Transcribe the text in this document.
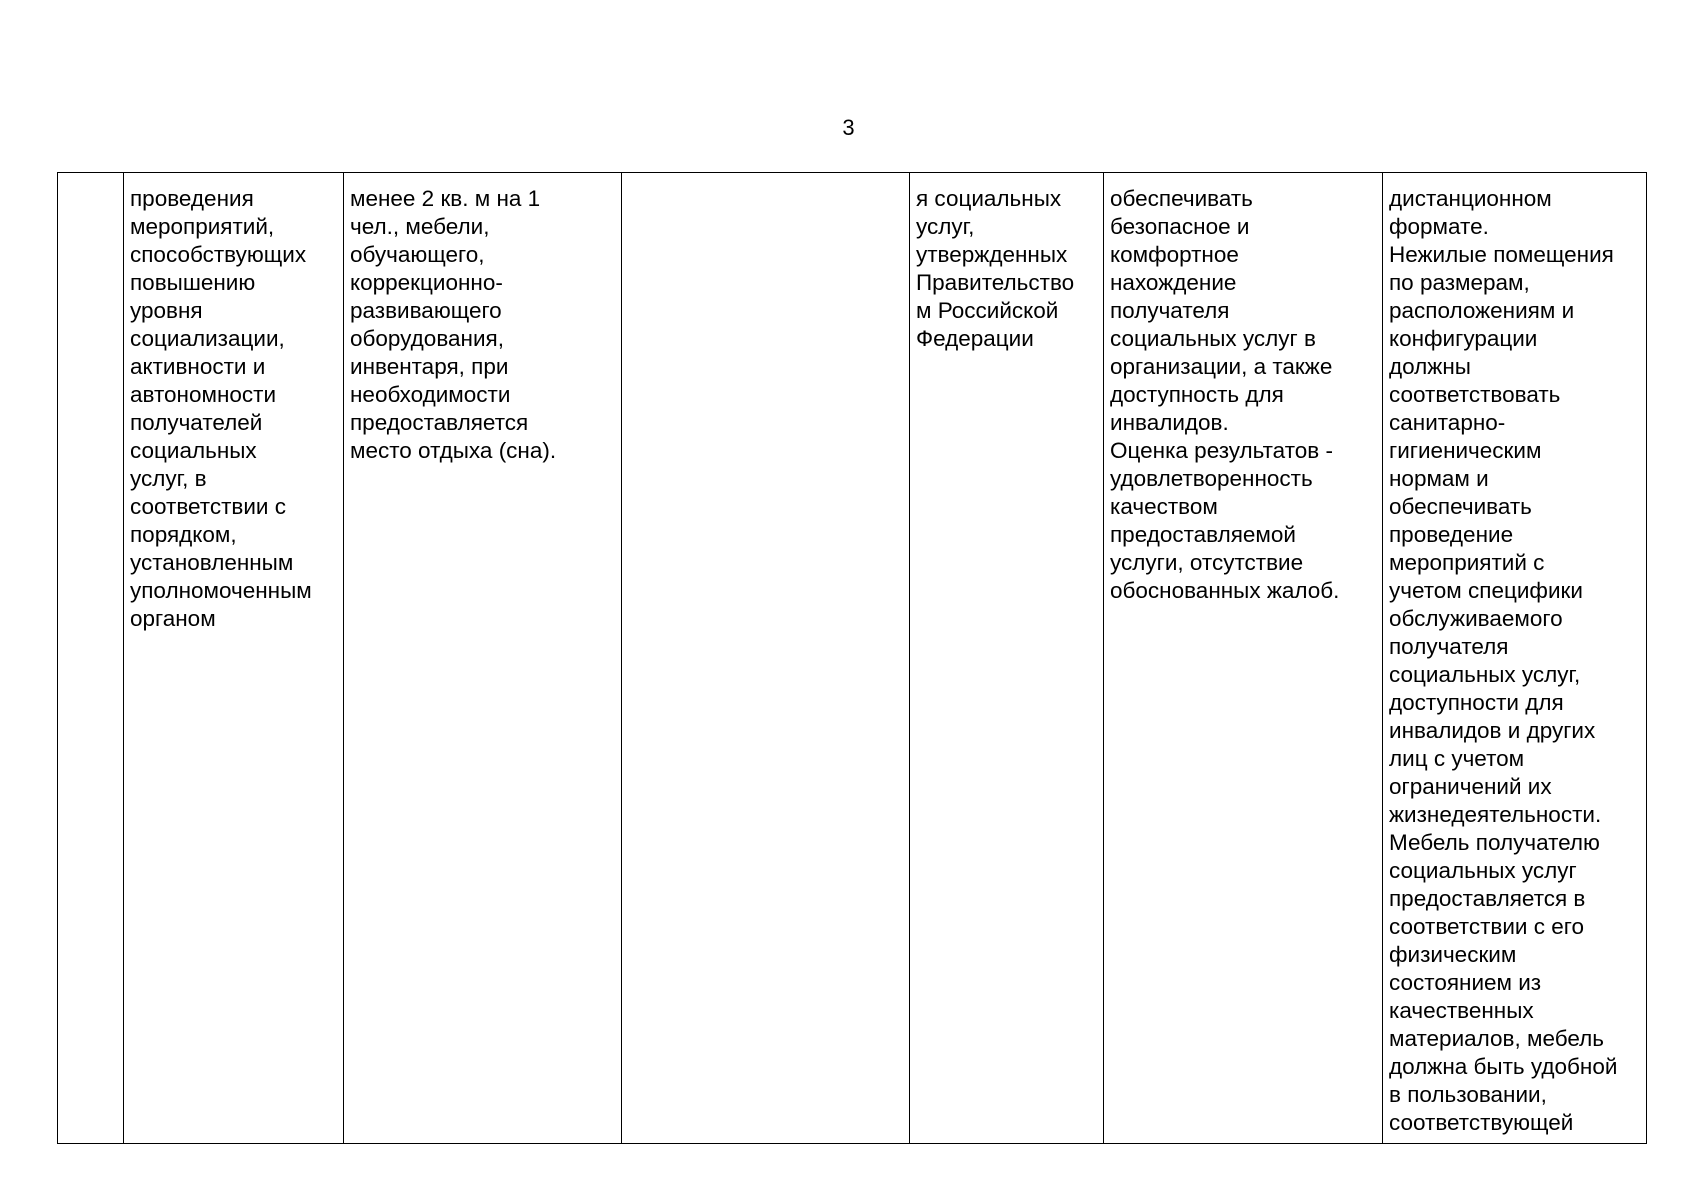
3
	проведения
мероприятий,
способствующих
повышению
уровня
социализации,
активности и
автономности
получателей
социальных
услуг, в
соответствии с
порядком,
установленным
уполномоченным
органом	менее 2 кв. м на 1
чел., мебели,
обучающего,
коррекционно-
развивающего
оборудования,
инвентаря, при
необходимости
предоставляется
место отдыха (сна).		я социальных
услуг,
утвержденных
Правительство
м Российской
Федерации	обеспечивать
безопасное и
комфортное
нахождение
получателя
социальных услуг в
организации, а также
доступность для
инвалидов.
Оценка результатов -
удовлетворенность
качеством
предоставляемой
услуги, отсутствие
обоснованных жалоб.	дистанционном
формате.
Нежилые помещения
по размерам,
расположениям и
конфигурации
должны
соответствовать
санитарно-
гигиеническим
нормам и
обеспечивать
проведение
мероприятий с
учетом специфики
обслуживаемого
получателя
социальных услуг,
доступности для
инвалидов и других
лиц с учетом
ограничений их
жизнедеятельности.
Мебель получателю
социальных услуг
предоставляется в
соответствии с его
физическим
состоянием из
качественных
материалов, мебель
должна быть удобной
в пользовании,
соответствующей
